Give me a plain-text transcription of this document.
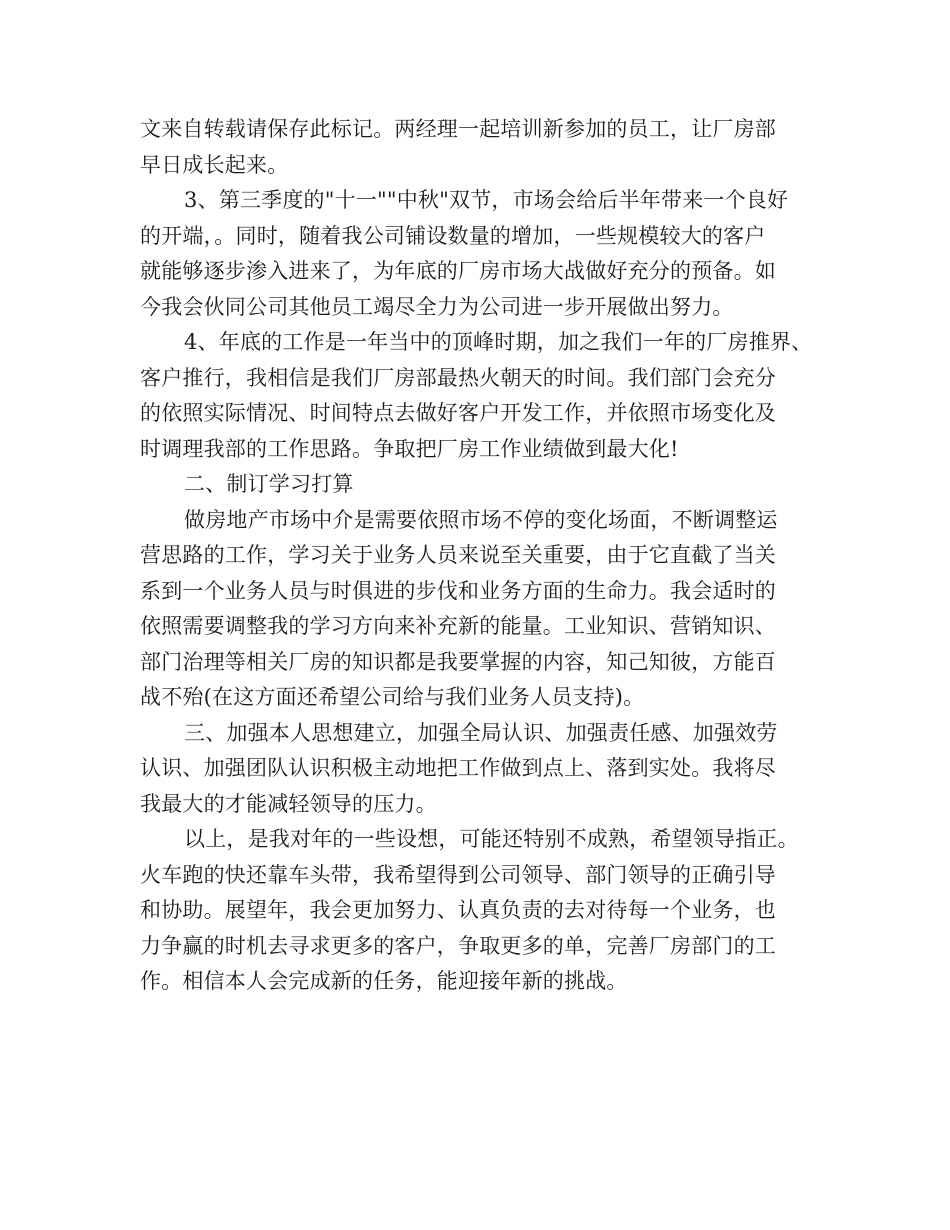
文来自转载请保存此标记。两经理一起培训新参加的员工，让厂房部
早日成长起来。
3、第三季度的"十一""中秋"双节，市场会给后半年带来一个良好
的开端，。同时，随着我公司铺设数量的增加，一些规模较大的客户
就能够逐步渗入进来了，为年底的厂房市场大战做好充分的预备。如
今我会伙同公司其他员工竭尽全力为公司进一步开展做出努力。
4、年底的工作是一年当中的顶峰时期，加之我们一年的厂房推界、
客户推行，我相信是我们厂房部最热火朝天的时间。我们部门会充分
的依照实际情况、时间特点去做好客户开发工作，并依照市场变化及
时调理我部的工作思路。争取把厂房工作业绩做到最大化!
二、制订学习打算
做房地产市场中介是需要依照市场不停的变化场面，不断调整运
营思路的工作，学习关于业务人员来说至关重要，由于它直截了当关
系到一个业务人员与时俱进的步伐和业务方面的生命力。我会适时的
依照需要调整我的学习方向来补充新的能量。工业知识、营销知识、
部门治理等相关厂房的知识都是我要掌握的内容，知己知彼，方能百
战不殆(在这方面还希望公司给与我们业务人员支持)。
三、加强本人思想建立，加强全局认识、加强责任感、加强效劳
认识、加强团队认识积极主动地把工作做到点上、落到实处。我将尽
我最大的才能减轻领导的压力。
以上，是我对年的一些设想，可能还特别不成熟，希望领导指正。
火车跑的快还靠车头带，我希望得到公司领导、部门领导的正确引导
和协助。展望年，我会更加努力、认真负责的去对待每一个业务，也
力争赢的时机去寻求更多的客户，争取更多的单，完善厂房部门的工
作。相信本人会完成新的任务，能迎接年新的挑战。
